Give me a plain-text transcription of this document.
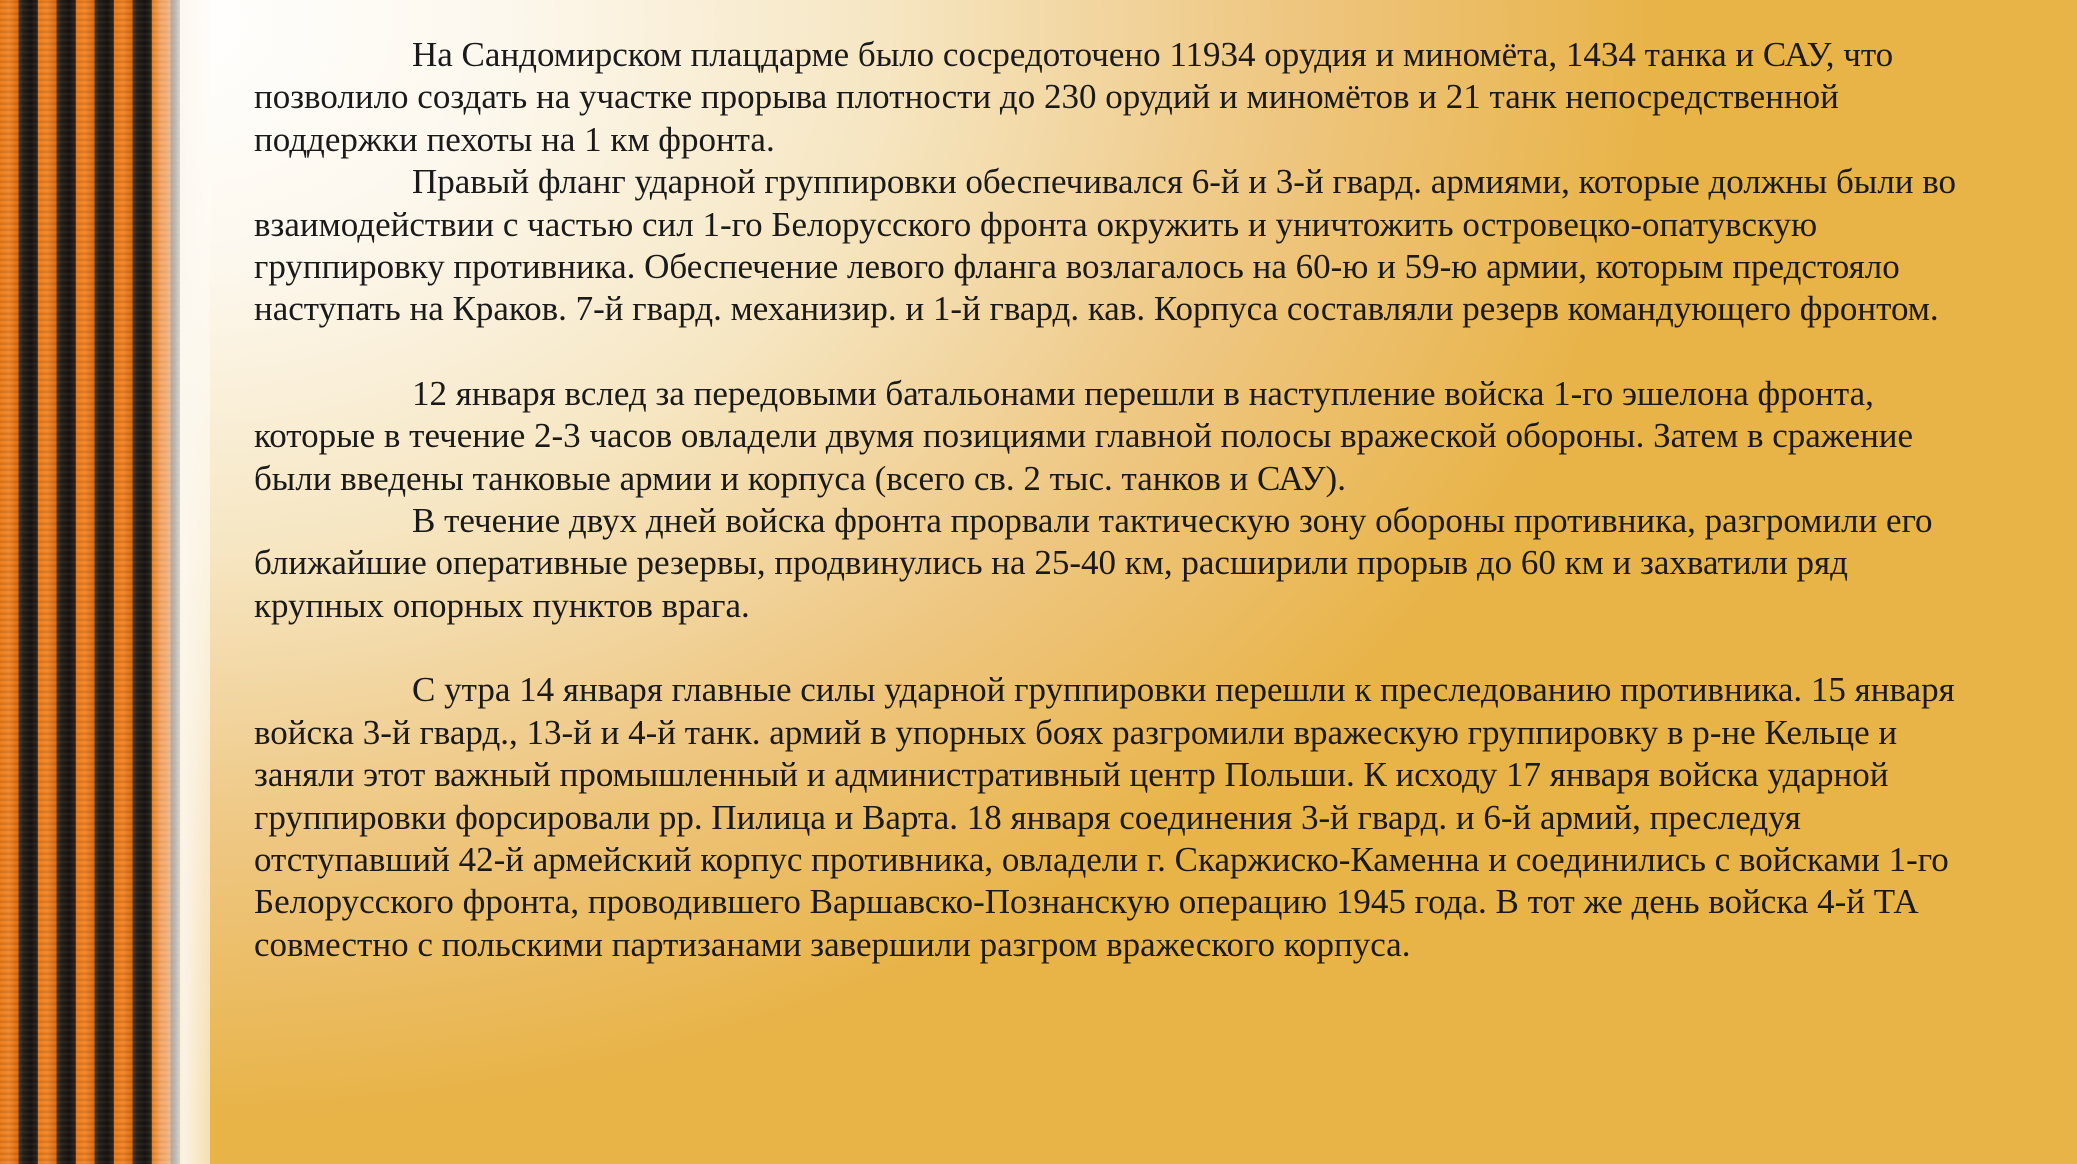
На Сандомирском плацдарме было сосредоточено 11934 орудия и миномёта, 1434 танка и САУ, что позволило создать на участке прорыва плотности до 230 орудий и миномётов и 21 танк непосредственной поддержки пехоты на 1 км фронта.

Правый фланг ударной группировки обеспечивался 6-й и 3-й гвард. армиями, которые должны были во взаимодействии с частью сил 1-го Белорусского фронта окружить и уничтожить островецко-опатувскую группировку противника. Обеспечение левого фланга возлагалось на 60-ю и 59-ю армии, которым предстояло наступать на Краков. 7-й гвард. механизир. и 1-й гвард. кав. Корпуса составляли резерв командующего фронтом.

12 января вслед за передовыми батальонами перешли в наступление войска 1-го эшелона фронта, которые в течение 2-3 часов овладели двумя позициями главной полосы вражеской обороны. Затем в сражение были введены танковые армии и корпуса (всего св. 2 тыс. танков и САУ).

В течение двух дней войска фронта прорвали тактическую зону обороны противника, разгромили его ближайшие оперативные резервы, продвинулись на 25-40 км, расширили прорыв до 60 км и захватили ряд крупных опорных пунктов врага.

С утра 14 января главные силы ударной группировки перешли к преследованию противника. 15 января войска 3-й гвард., 13-й и 4-й танк. армий в упорных боях разгромили вражескую группировку в р-не Кельце и заняли этот важный промышленный и административный центр Польши. К исходу 17 января войска ударной группировки форсировали рр. Пилица и Варта. 18 января соединения 3-й гвард. и 6-й армий, преследуя отступавший 42-й армейский корпус противника, овладели г. Скаржиско-Каменна и соединились с войсками 1-го Белорусского фронта, проводившего Варшавско-Познанскую операцию 1945 года. В тот же день войска 4-й ТА совместно с польскими партизанами завершили разгром вражеского корпуса.
